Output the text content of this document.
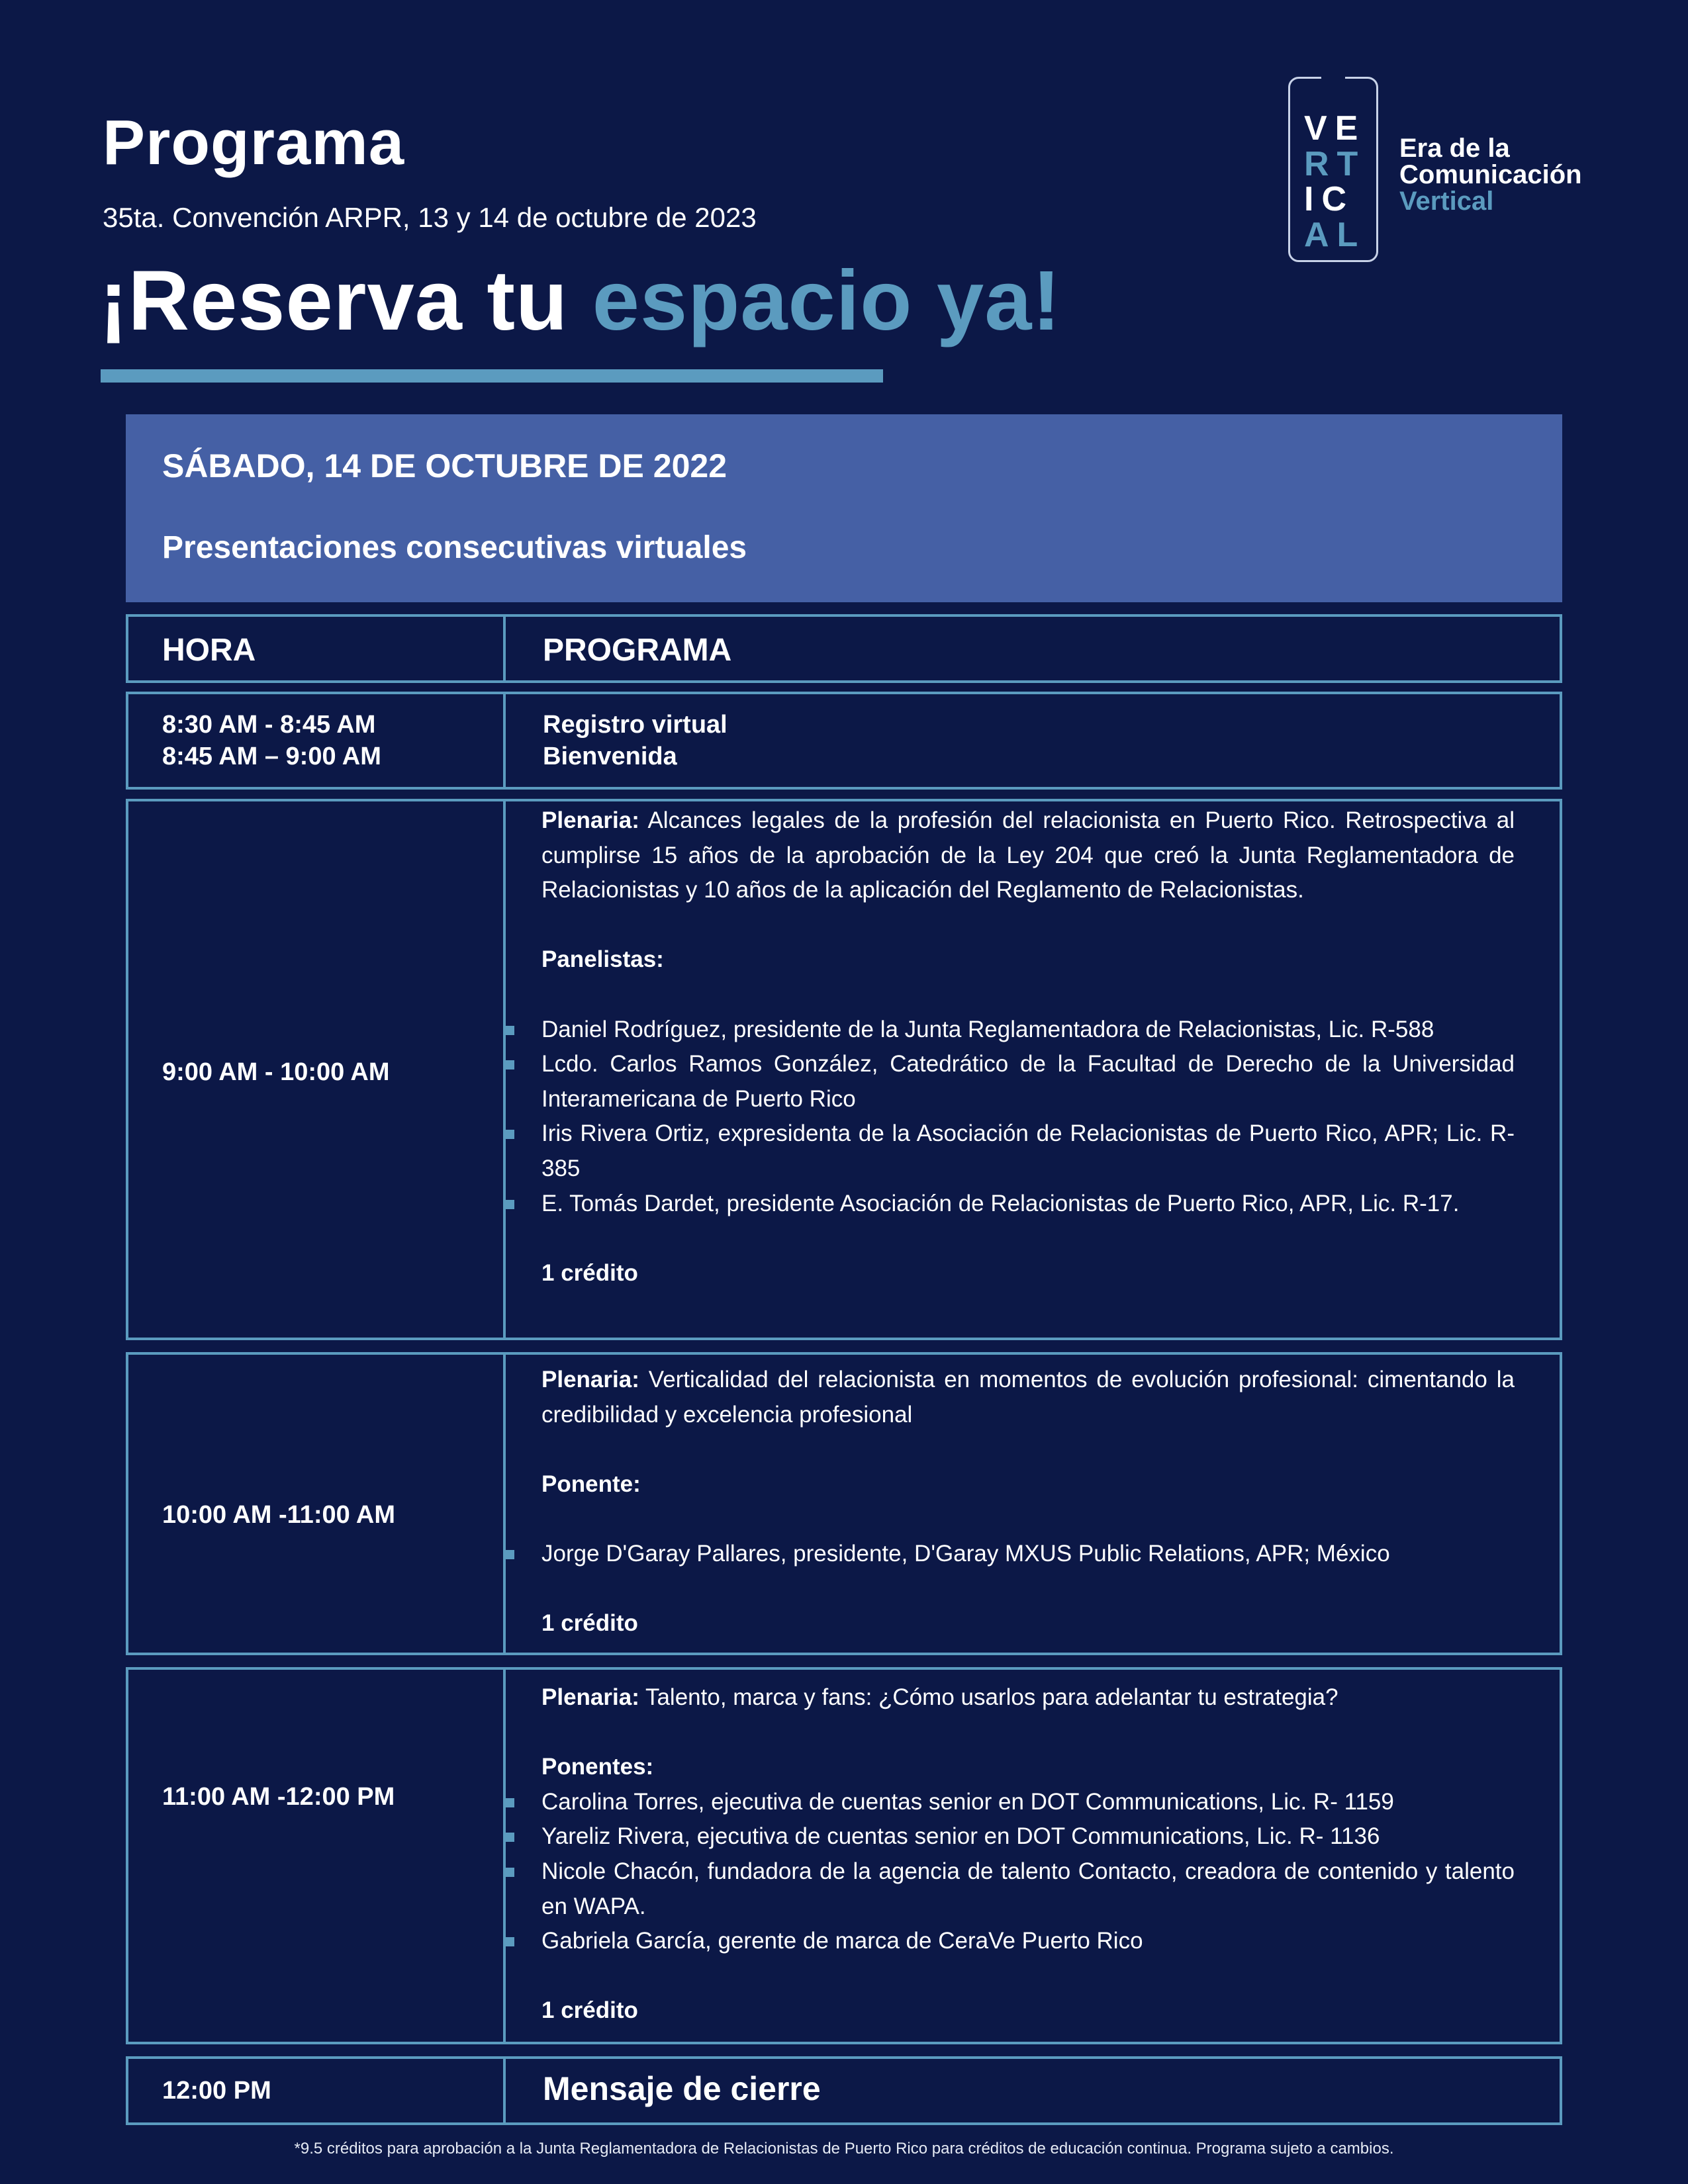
Programa
35ta. Convención ARPR, 13 y 14 de octubre de 2023
¡Reserva tu espacio ya!
VE
RT
IC
AL
Era de la
Comunicación
Vertical
SÁBADO, 14 DE OCTUBRE DE 2022
Presentaciones consecutivas virtuales
HORA	PROGRAMA
8:30 AM - 8:45 AM
8:45 AM – 9:00 AM
Registro virtual
Bienvenida
9:00 AM - 10:00 AM
Plenaria: Alcances legales de la profesión del relacionista en Puerto Rico. Retrospectiva al cumplirse 15 años de la aprobación de la Ley 204 que creó la Junta Reglamentadora de Relacionistas y 10 años de la aplicación del Reglamento de Relacionistas.
Panelistas:
Daniel Rodríguez, presidente de la Junta Reglamentadora de Relacionistas, Lic. R-588
Lcdo. Carlos Ramos González, Catedrático de la Facultad de Derecho de la Universidad Interamericana de Puerto Rico
Iris Rivera Ortiz, expresidenta de la Asociación de Relacionistas de Puerto Rico, APR; Lic. R-385
E. Tomás Dardet, presidente Asociación de Relacionistas de Puerto Rico, APR, Lic. R-17.
1 crédito
10:00 AM -11:00 AM
Plenaria: Verticalidad del relacionista en momentos de evolución profesional: cimentando la credibilidad y excelencia profesional
Ponente:
Jorge D'Garay Pallares, presidente, D'Garay MXUS Public Relations, APR; México
1 crédito
11:00 AM -12:00 PM
Plenaria: Talento, marca y fans: ¿Cómo usarlos para adelantar tu estrategia?
Ponentes:
Carolina Torres, ejecutiva de cuentas senior en DOT Communications, Lic. R- 1159
Yareliz Rivera, ejecutiva de cuentas senior en DOT Communications, Lic. R- 1136
Nicole Chacón, fundadora de la agencia de talento Contacto, creadora de contenido y talento en WAPA.
Gabriela García, gerente de marca de CeraVe Puerto Rico
1 crédito
12:00 PM	Mensaje de cierre
*9.5 créditos para aprobación a la Junta Reglamentadora de Relacionistas de Puerto Rico para créditos de educación continua. Programa sujeto a cambios.
